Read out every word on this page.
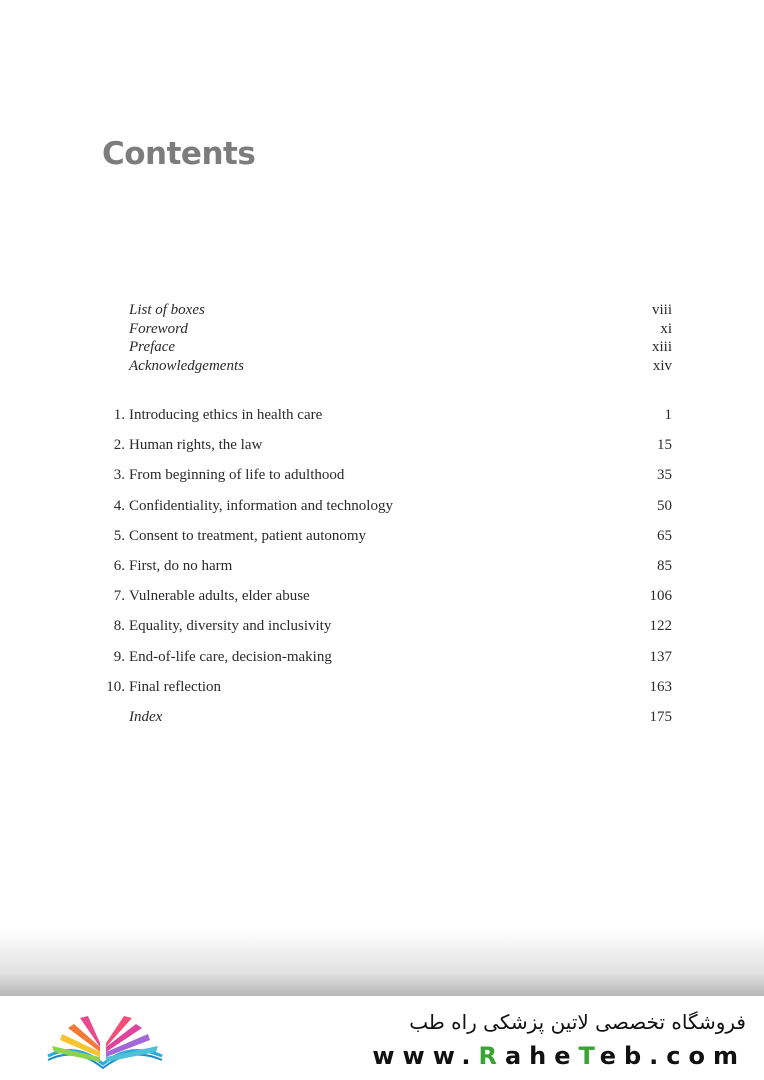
Contents
List of boxes	viii
Foreword	xi
Preface	xiii
Acknowledgements	xiv
1. Introducing ethics in health care	1
2. Human rights, the law	15
3. From beginning of life to adulthood	35
4. Confidentiality, information and technology	50
5. Consent to treatment, patient autonomy	65
6. First, do no harm	85
7. Vulnerable adults, elder abuse	106
8. Equality, diversity and inclusivity	122
9. End-of-life care, decision-making	137
10. Final reflection	163
Index	175
فروشگاه تخصصی لاتین پزشکی راه طب
www.RaheTeb.com
